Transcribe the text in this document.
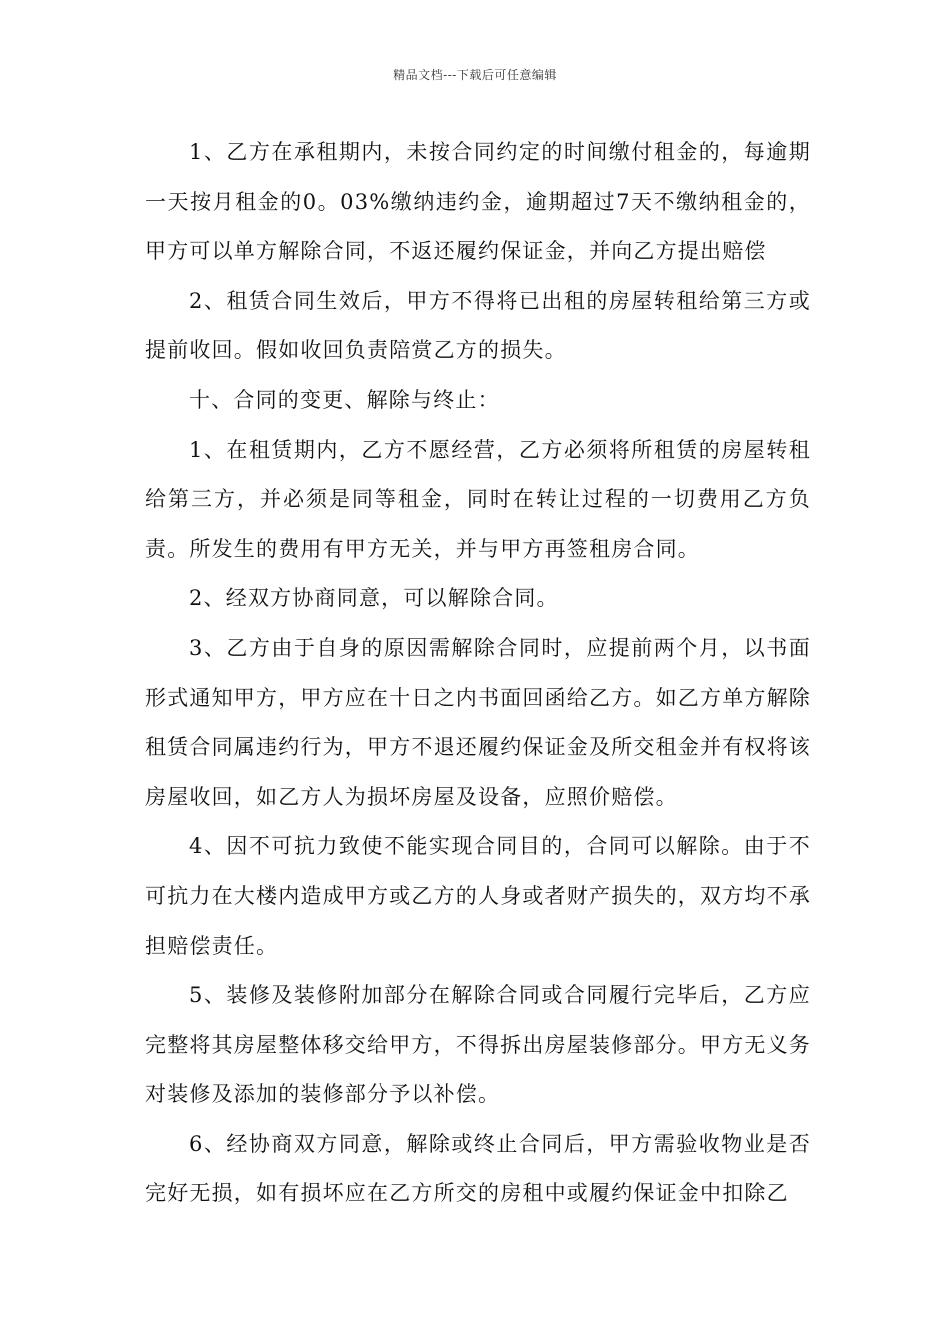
精品文档---下载后可任意编辑

1、乙方在承租期内，未按合同约定的时间缴付租金的，每逾期一天按月租金的0。03%缴纳违约金，逾期超过7天不缴纳租金的，甲方可以单方解除合同，不返还履约保证金，并向乙方提出赔偿

2、租赁合同生效后，甲方不得将已出租的房屋转租给第三方或提前收回。假如收回负责陪赏乙方的损失。

十、合同的变更、解除与终止：

1、在租赁期内，乙方不愿经营，乙方必须将所租赁的房屋转租给第三方，并必须是同等租金，同时在转让过程的一切费用乙方负责。所发生的费用有甲方无关，并与甲方再签租房合同。

2、经双方协商同意，可以解除合同。

3、乙方由于自身的原因需解除合同时，应提前两个月，以书面形式通知甲方，甲方应在十日之内书面回函给乙方。如乙方单方解除租赁合同属违约行为，甲方不退还履约保证金及所交租金并有权将该房屋收回，如乙方人为损坏房屋及设备，应照价赔偿。

4、因不可抗力致使不能实现合同目的，合同可以解除。由于不可抗力在大楼内造成甲方或乙方的人身或者财产损失的，双方均不承担赔偿责任。

5、装修及装修附加部分在解除合同或合同履行完毕后，乙方应完整将其房屋整体移交给甲方，不得拆出房屋装修部分。甲方无义务对装修及添加的装修部分予以补偿。

6、经协商双方同意，解除或终止合同后，甲方需验收物业是否完好无损，如有损坏应在乙方所交的房租中或履约保证金中扣除乙
